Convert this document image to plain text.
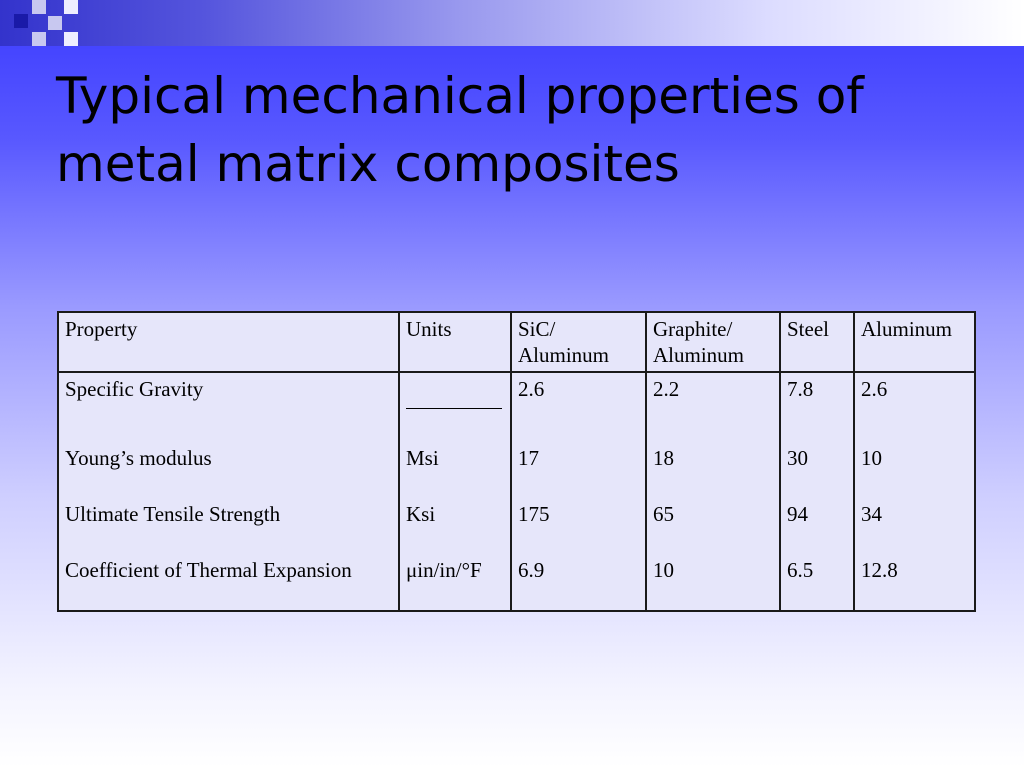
Typical mechanical properties of metal matrix composites
Property	Units	SiC/ Aluminum	Graphite/ Aluminum	Steel	Aluminum
Specific Gravity		2.6	2.2	7.8	2.6
Young’s modulus	Msi	17	18	30	10
Ultimate Tensile Strength	Ksi	175	65	94	34
Coefficient of Thermal Expansion	μin/in/°F	6.9	10	6.5	12.8
